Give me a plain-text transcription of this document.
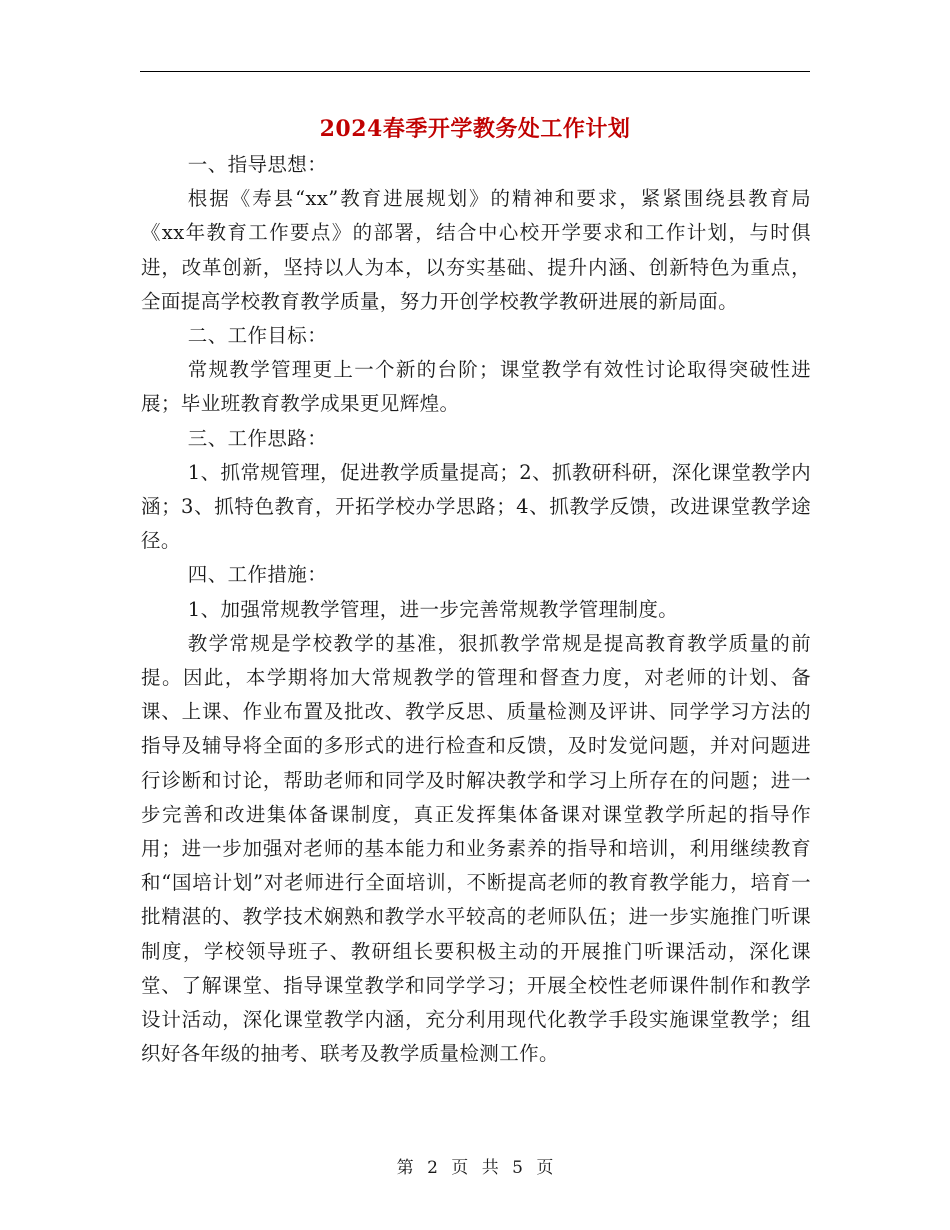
2024春季开学教务处工作计划

一、指导思想：

根据《寿县“xx”教育进展规划》的精神和要求，紧紧围绕县教育局《xx年教育工作要点》的部署，结合中心校开学要求和工作计划，与时俱进，改革创新，坚持以人为本，以夯实基础、提升内涵、创新特色为重点，全面提高学校教育教学质量，努力开创学校教学教研进展的新局面。

二、工作目标：

常规教学管理更上一个新的台阶；课堂教学有效性讨论取得突破性进展；毕业班教育教学成果更见辉煌。

三、工作思路：

1、抓常规管理，促进教学质量提高；2、抓教研科研，深化课堂教学内涵；3、抓特色教育，开拓学校办学思路；4、抓教学反馈，改进课堂教学途径。

四、工作措施：

1、加强常规教学管理，进一步完善常规教学管理制度。

教学常规是学校教学的基准，狠抓教学常规是提高教育教学质量的前提。因此，本学期将加大常规教学的管理和督查力度，对老师的计划、备课、上课、作业布置及批改、教学反思、质量检测及评讲、同学学习方法的指导及辅导将全面的多形式的进行检查和反馈，及时发觉问题，并对问题进行诊断和讨论，帮助老师和同学及时解决教学和学习上所存在的问题；进一步完善和改进集体备课制度，真正发挥集体备课对课堂教学所起的指导作用；进一步加强对老师的基本能力和业务素养的指导和培训，利用继续教育和“国培计划”对老师进行全面培训，不断提高老师的教育教学能力，培育一批精湛的、教学技术娴熟和教学水平较高的老师队伍；进一步实施推门听课制度，学校领导班子、教研组长要积极主动的开展推门听课活动，深化课堂、了解课堂、指导课堂教学和同学学习；开展全校性老师课件制作和教学设计活动，深化课堂教学内涵，充分利用现代化教学手段实施课堂教学；组织好各年级的抽考、联考及教学质量检测工作。

第 2 页 共 5 页
